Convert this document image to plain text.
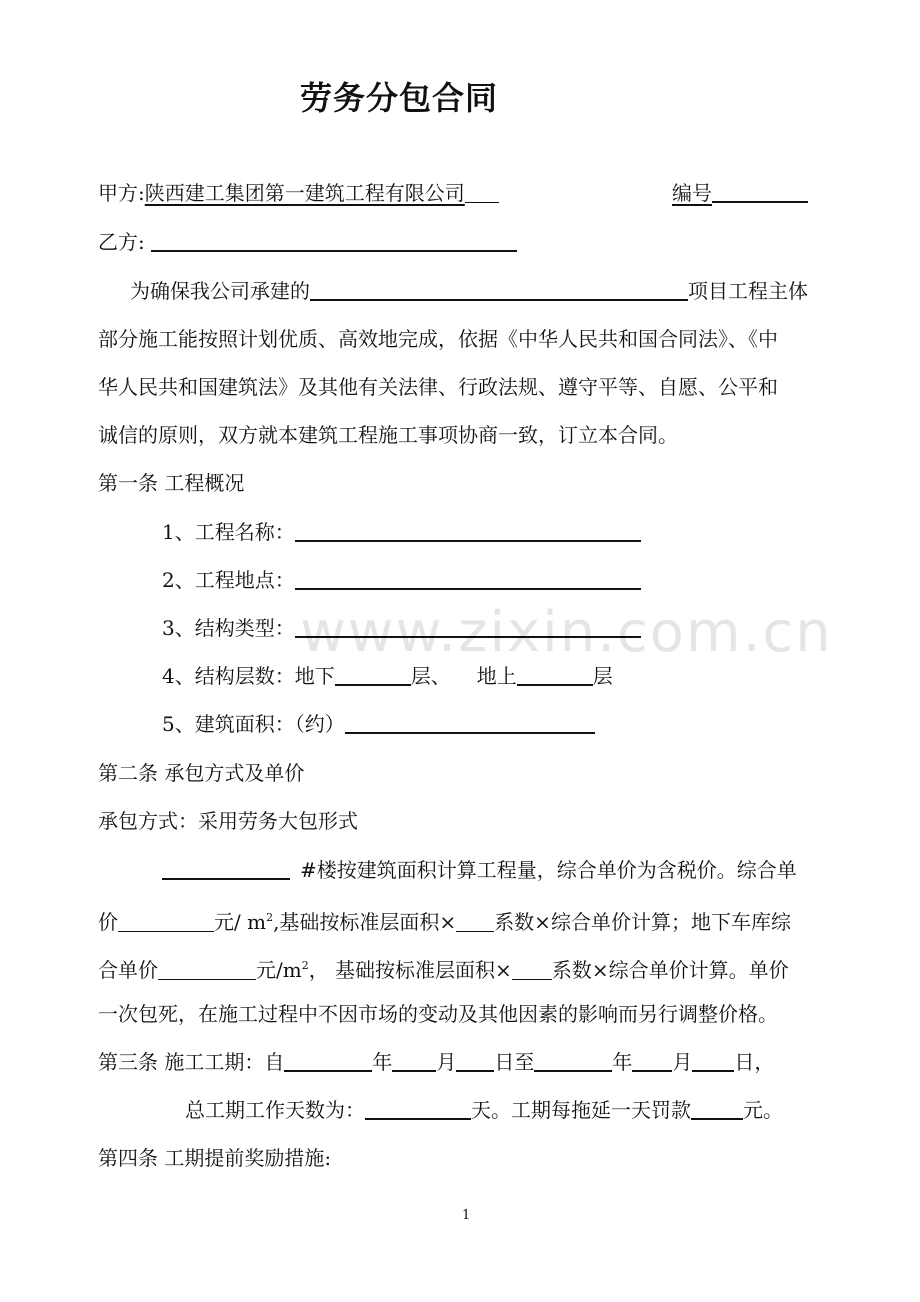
劳务分包合同
甲方:陕西建工集团第一建筑工程有限公司	编号
乙方:
为确保我公司承建的	项目工程主体
部分施工能按照计划优质、高效地完成，依据《中华人民共和国合同法》、《中
华人民共和国建筑法》及其他有关法律、行政法规、遵守平等、自愿、公平和
诚信的原则，双方就本建筑工程施工事项协商一致，订立本合同。
第一条 工程概况
1、工程名称：
2、工程地点：
3、结构类型：
4、结构层数：地下	层、 地上	层
5、建筑面积：（约）
第二条 承包方式及单价
承包方式：采用劳务大包形式
#楼按建筑面积计算工程量，综合单价为含税价。综合单
价	元/ $m^2$,基础按标准层面积× 系数×综合单价计算；地下车库综
合单价	元$/m^2$， 基础按标准层面积× 系数×综合单价计算。单价
一次包死，在施工过程中不因市场的变动及其他因素的影响而另行调整价格。
第三条 施工工期：自	年 月 日至	年 月 日，
总工期工作天数为：	天。工期每拖延一天罚款	元。
第四条 工期提前奖励措施:
www.zixin.com.cn
1
